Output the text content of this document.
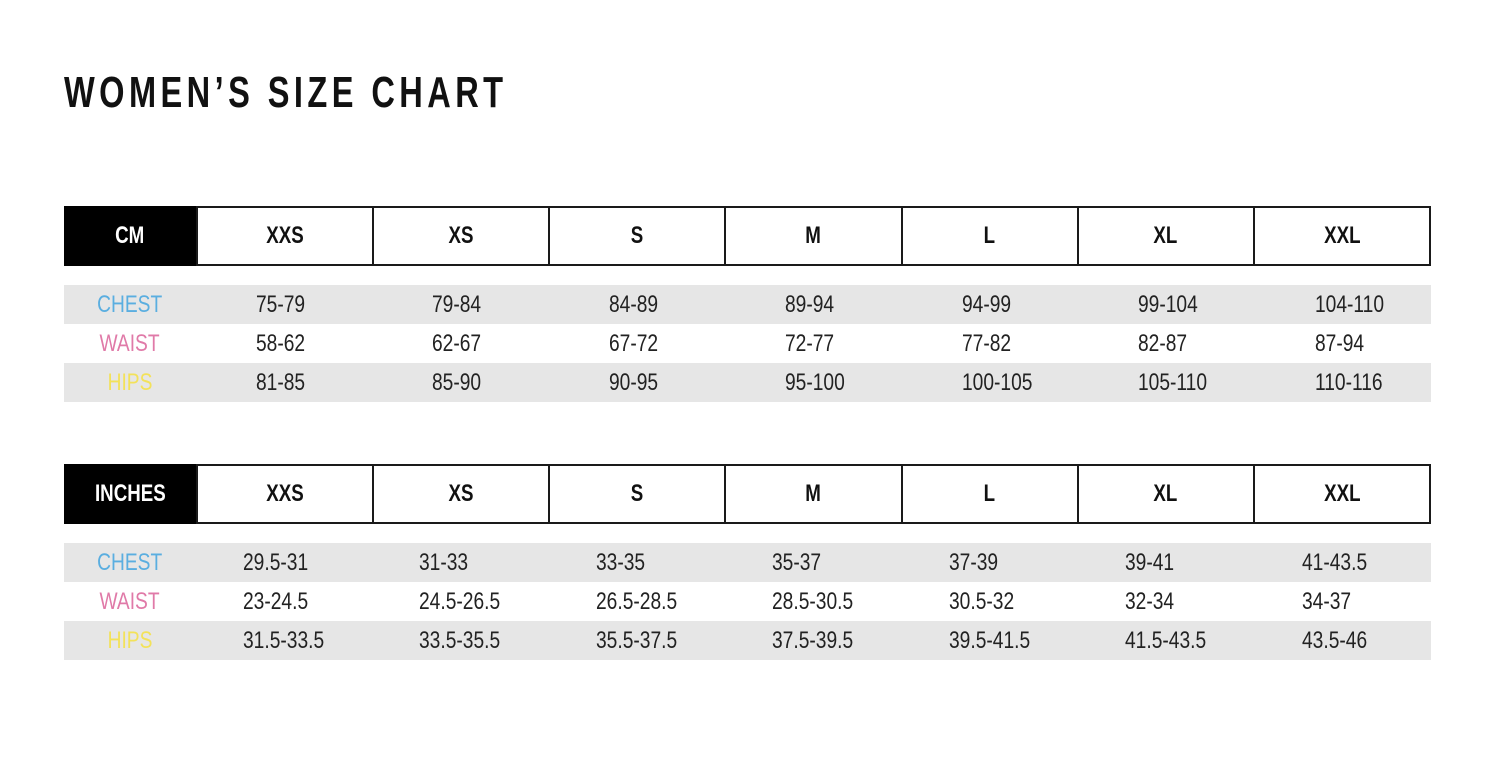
WOMEN’S SIZE CHART
CM	XXS	XS	S	M	L	XL	XXL
CHEST	75-79	79-84	84-89	89-94	94-99	99-104	104-110
WAIST	58-62	62-67	67-72	72-77	77-82	82-87	87-94
HIPS	81-85	85-90	90-95	95-100	100-105	105-110	110-116
INCHES	XXS	XS	S	M	L	XL	XXL
CHEST	29.5-31	31-33	33-35	35-37	37-39	39-41	41-43.5
WAIST	23-24.5	24.5-26.5	26.5-28.5	28.5-30.5	30.5-32	32-34	34-37
HIPS	31.5-33.5	33.5-35.5	35.5-37.5	37.5-39.5	39.5-41.5	41.5-43.5	43.5-46
